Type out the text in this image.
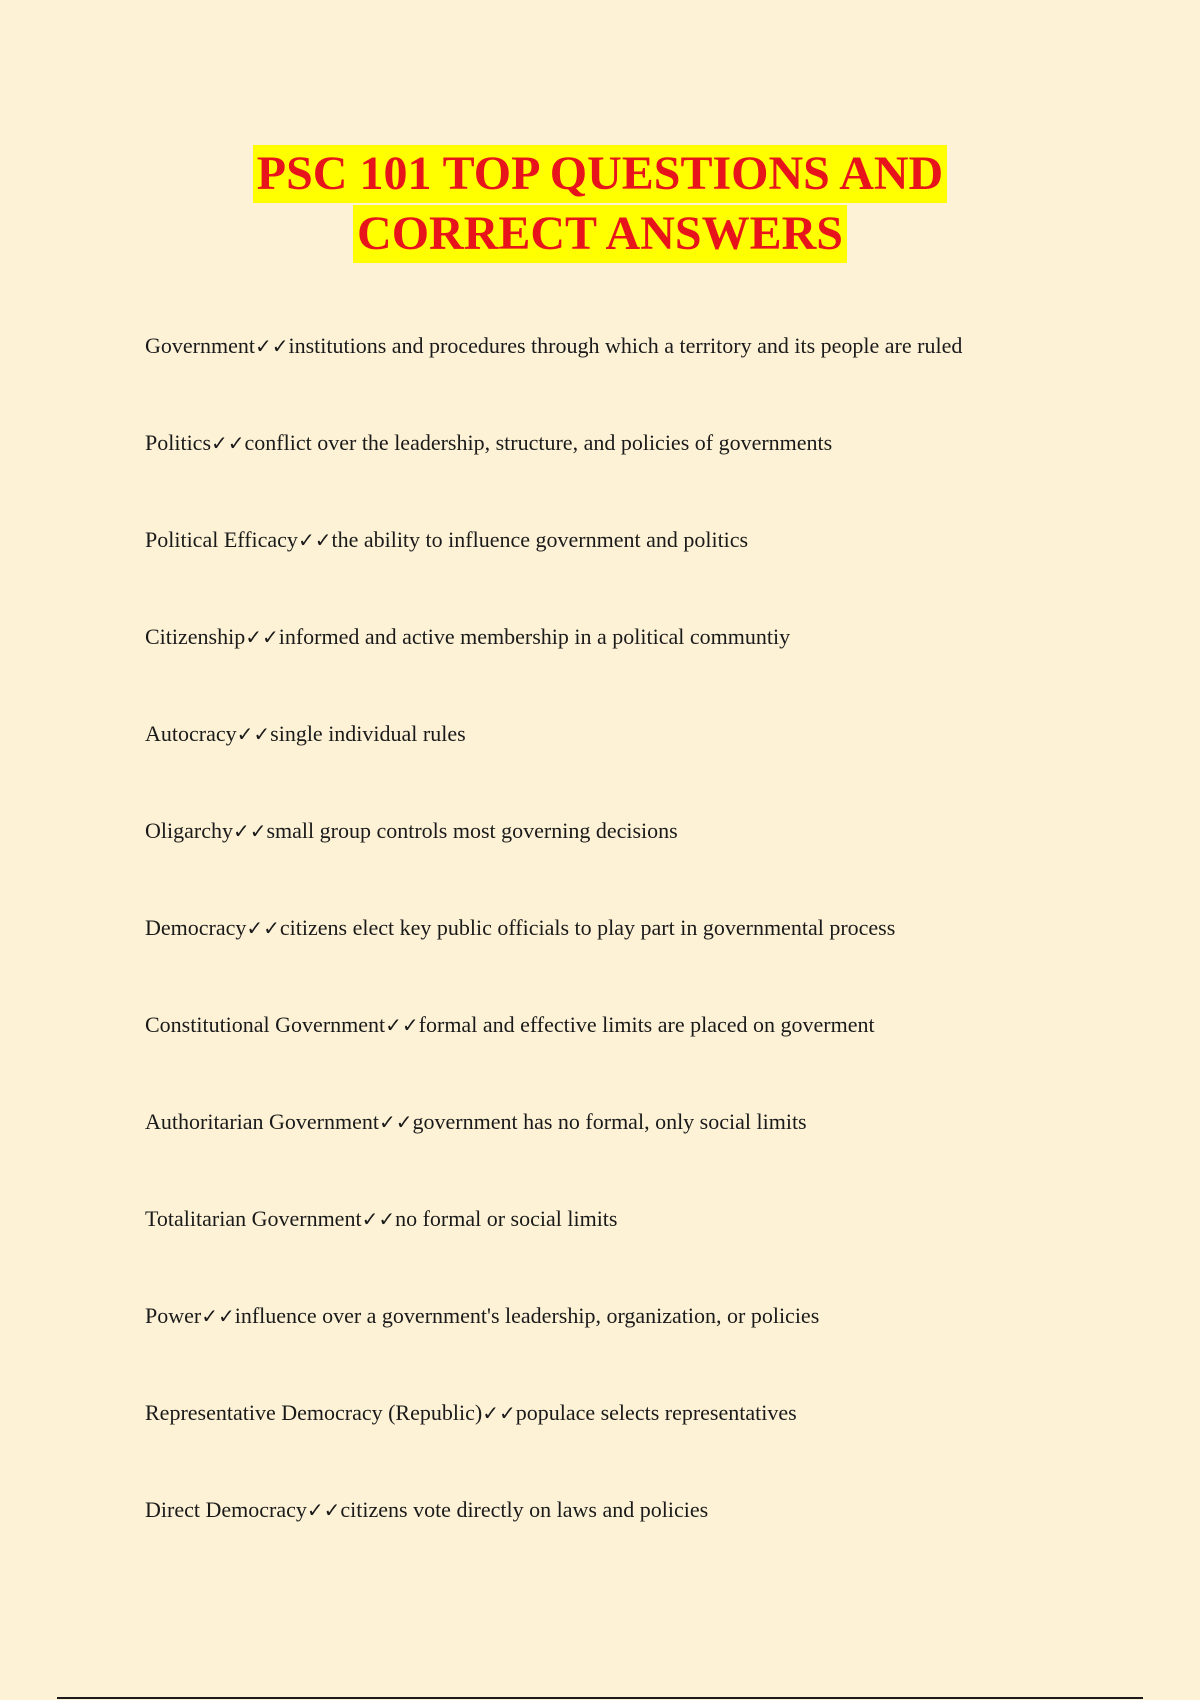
PSC 101 TOP QUESTIONS AND
CORRECT ANSWERS
Government✓✓institutions and procedures through which a territory and its people are ruled
Politics✓✓conflict over the leadership, structure, and policies of governments
Political Efficacy✓✓the ability to influence government and politics
Citizenship✓✓informed and active membership in a political communtiy
Autocracy✓✓single individual rules
Oligarchy✓✓small group controls most governing decisions
Democracy✓✓citizens elect key public officials to play part in governmental process
Constitutional Government✓✓formal and effective limits are placed on goverment
Authoritarian Government✓✓government has no formal, only social limits
Totalitarian Government✓✓no formal or social limits
Power✓✓influence over a government's leadership, organization, or policies
Representative Democracy (Republic)✓✓populace selects representatives
Direct Democracy✓✓citizens vote directly on laws and policies
